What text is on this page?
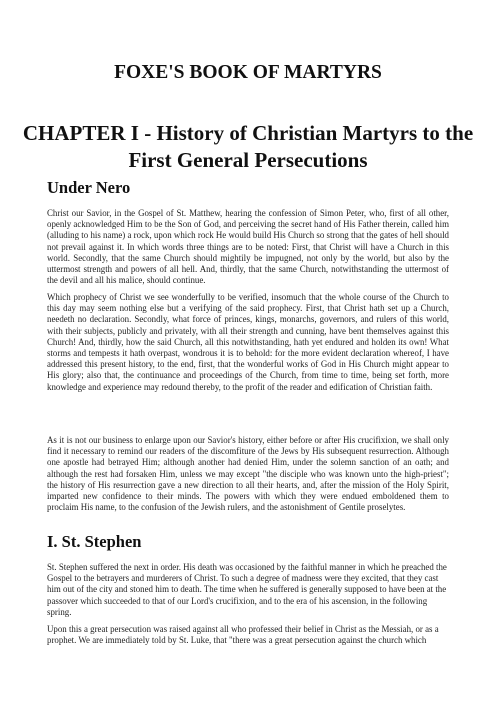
FOXE'S BOOK OF MARTYRS
CHAPTER I - History of Christian Martyrs to the First General Persecutions
Under Nero

Christ our Savior, in the Gospel of St. Matthew, hearing the confession of Simon Peter, who, first of all other, openly acknowledged Him to be the Son of God, and perceiving the secret hand of His Father therein, called him (alluding to his name) a rock, upon which rock He would build His Church so strong that the gates of hell should not prevail against it. In which words three things are to be noted: First, that Christ will have a Church in this world. Secondly, that the same Church should mightily be impugned, not only by the world, but also by the uttermost strength and powers of all hell. And, thirdly, that the same Church, notwithstanding the uttermost of the devil and all his malice, should continue.

Which prophecy of Christ we see wonderfully to be verified, insomuch that the whole course of the Church to this day may seem nothing else but a verifying of the said prophecy. First, that Christ hath set up a Church, needeth no declaration. Secondly, what force of princes, kings, monarchs, governors, and rulers of this world, with their subjects, publicly and privately, with all their strength and cunning, have bent themselves against this Church! And, thirdly, how the said Church, all this notwithstanding, hath yet endured and holden its own! What storms and tempests it hath overpast, wondrous it is to behold: for the more evident declaration whereof, I have addressed this present history, to the end, first, that the wonderful works of God in His Church might appear to His glory; also that, the continuance and proceedings of the Church, from time to time, being set forth, more knowledge and experience may redound thereby, to the profit of the reader and edification of Christian faith.

As it is not our business to enlarge upon our Savior's history, either before or after His crucifixion, we shall only find it necessary to remind our readers of the discomfiture of the Jews by His subsequent resurrection. Although one apostle had betrayed Him; although another had denied Him, under the solemn sanction of an oath; and although the rest had forsaken Him, unless we may except "the disciple who was known unto the high-priest"; the history of His resurrection gave a new direction to all their hearts, and, after the mission of the Holy Spirit, imparted new confidence to their minds. The powers with which they were endued emboldened them to proclaim His name, to the confusion of the Jewish rulers, and the astonishment of Gentile proselytes.

I. St. Stephen

St. Stephen suffered the next in order. His death was occasioned by the faithful manner in which he preached the Gospel to the betrayers and murderers of Christ. To such a degree of madness were they excited, that they cast him out of the city and stoned him to death. The time when he suffered is generally supposed to have been at the passover which succeeded to that of our Lord's crucifixion, and to the era of his ascension, in the following spring.

Upon this a great persecution was raised against all who professed their belief in Christ as the Messiah, or as a prophet. We are immediately told by St. Luke, that "there was a great persecution against the church which
